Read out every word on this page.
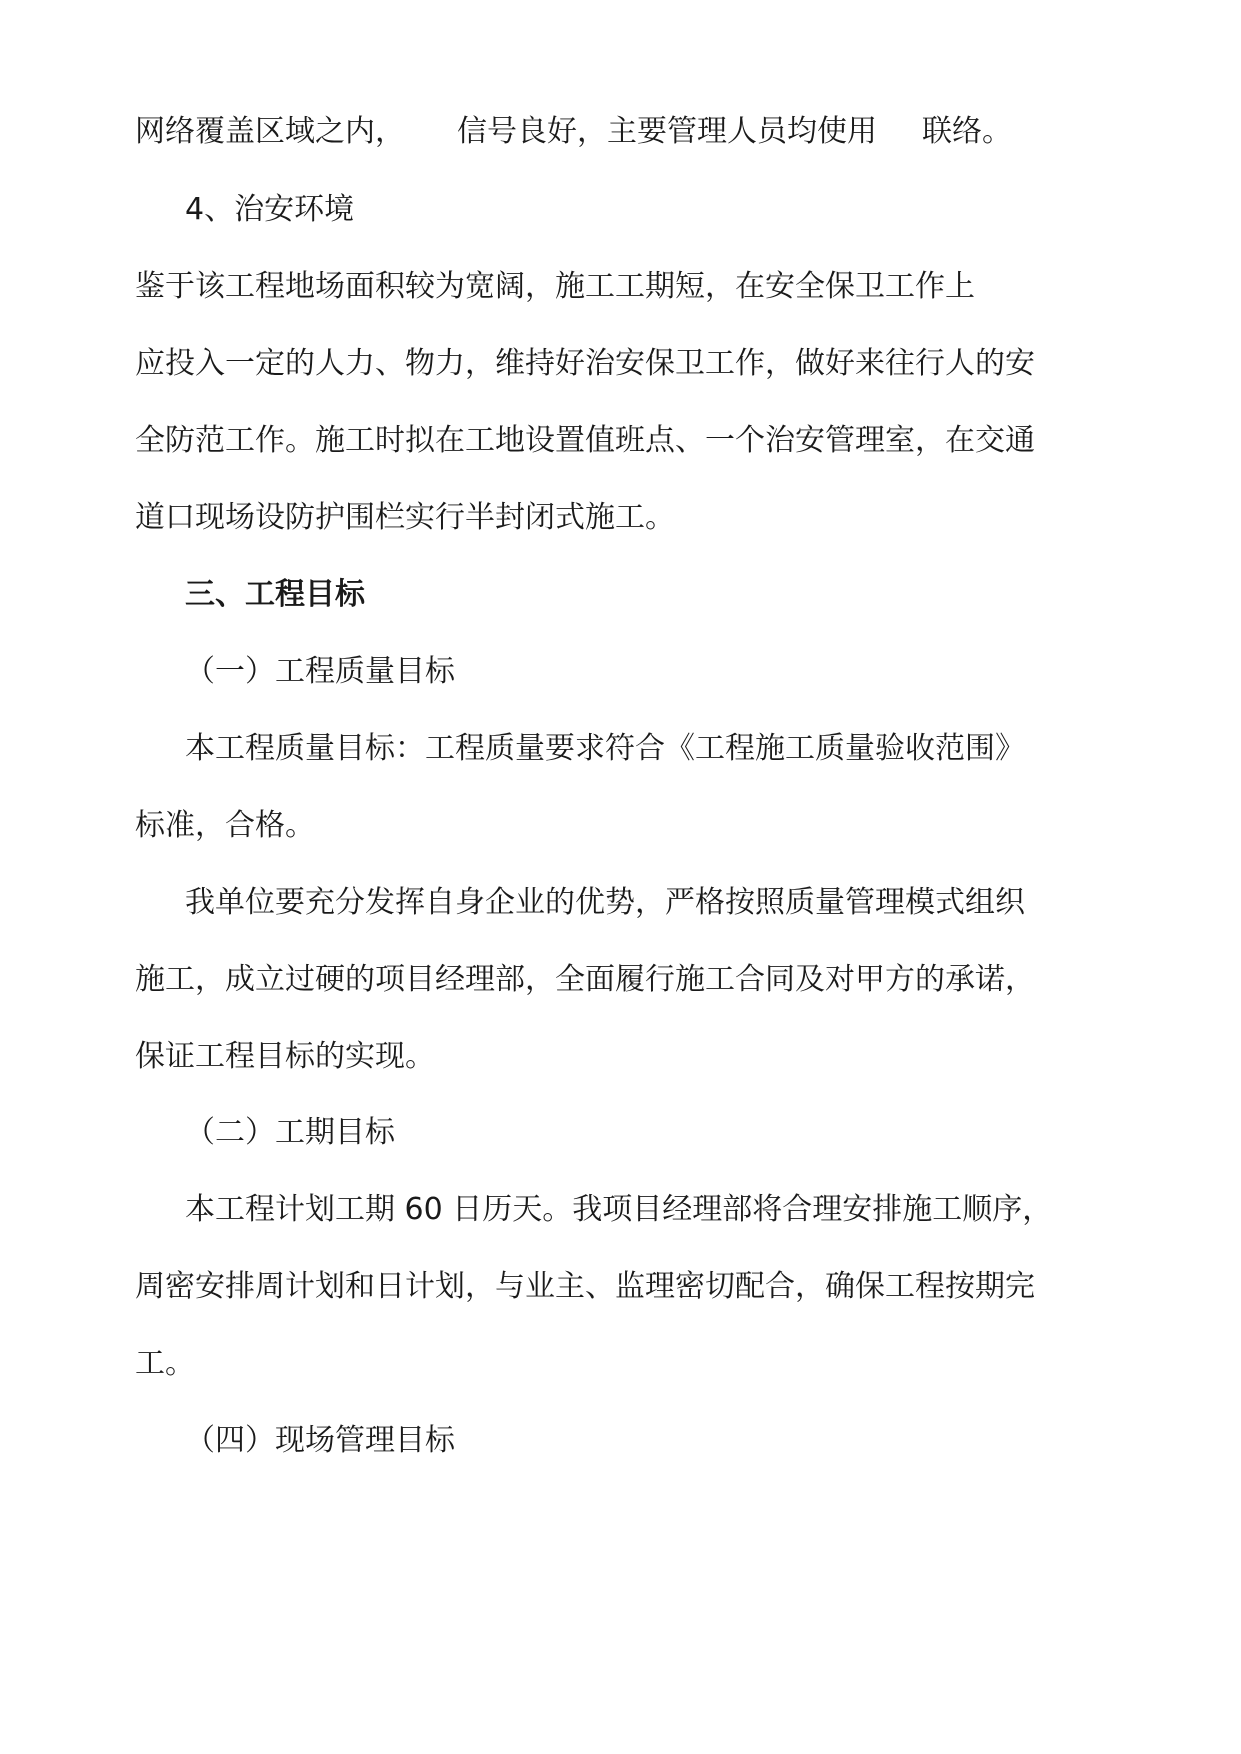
网络覆盖区域之内， 信号良好，主要管理人员均使用 联络。
4、治安环境
鉴于该工程地场面积较为宽阔，施工工期短，在安全保卫工作上
应投入一定的人力、物力，维持好治安保卫工作，做好来往行人的安
全防范工作。施工时拟在工地设置值班点、一个治安管理室，在交通
道口现场设防护围栏实行半封闭式施工。
三、工程目标
（一）工程质量目标
本工程质量目标：工程质量要求符合《工程施工质量验收范围》
标准，合格。
我单位要充分发挥自身企业的优势，严格按照质量管理模式组织
施工，成立过硬的项目经理部，全面履行施工合同及对甲方的承诺，
保证工程目标的实现。
（二）工期目标
本工程计划工期 60 日历天。我项目经理部将合理安排施工顺序，
周密安排周计划和日计划，与业主、监理密切配合，确保工程按期完
工。
（四）现场管理目标
